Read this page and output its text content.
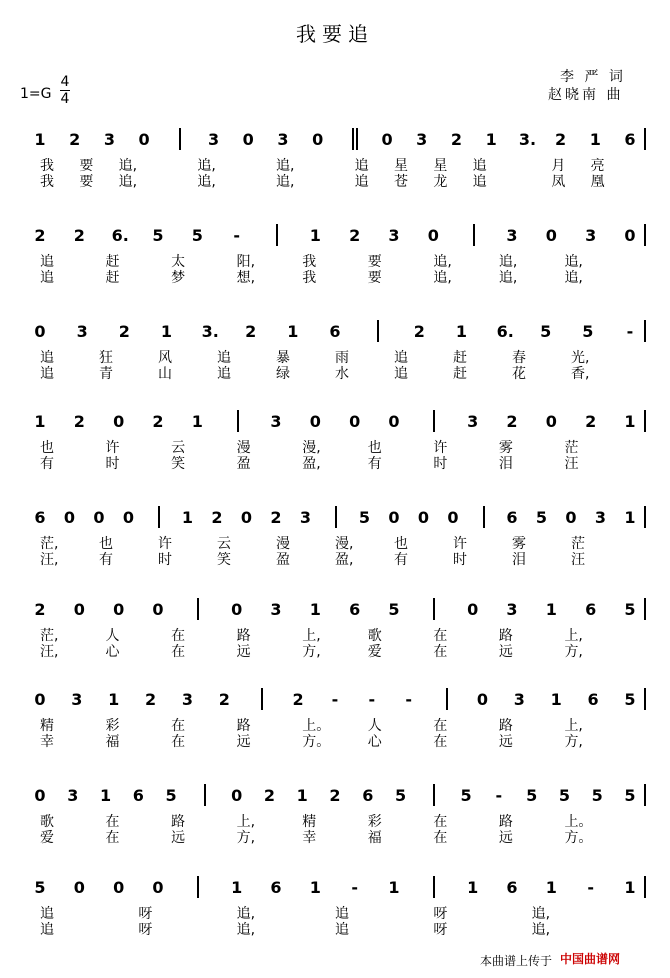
我要追
李 严 词
赵晓南 曲
1=G
4
4
1 2 3 0	3 0 3 0	0 3 2 1 3. 2 1 6
我 要 追,	追,	追,	追 星 星 追	月 亮
我 要 追,	追,	追,	追 苍 龙 追	凤 凰
2 2 6. 5 5 -	1 2 3 0	3 0 3 0
追	赶	太	阳,	我	要	追,	追,	追,
追	赶	梦	想,	我	要	追,	追,	追,
0 3 2 1 3. 2 1 6	2 1 6. 5 5 -
追	狂	风	追	暴	雨	追	赶	春	光,
追	青	山	追	绿	水	追	赶	花	香,
1 2 0 2 1	3 0 0 0	3 2 0 2 1
也	许	云	漫	漫,	也	许	雾	茫
有	时	笑	盈	盈,	有	时	泪	汪
6 0 0 0	1 2 0 2 3	5 0 0 0	6 5 0 3 1
茫,	也	许	云	漫	漫,	也	许	雾	茫
汪,	有	时	笑	盈	盈,	有	时	泪	汪
2 0 0 0	0 3 1 6 5	0 3 1 6 5
茫,	人	在	路	上,	歌	在	路	上,
汪,	心	在	远	方,	爱	在	远	方,
0 3 1 2 3 2	2 - - -	0 3 1 6 5
精	彩	在	路	上。	人	在	路	上,
幸	福	在	远	方。	心	在	远	方,
0 3 1 6 5	0 2 1 2 6 5	5 - 5 5 5 5
歌	在	路	上,	精	彩	在	路	上。
爱	在	远	方,	幸	福	在	远	方。
5 0 0 0	1 6 1 - 1	1 6 1 - 1
追	呀	追,	追	呀	追,
追	呀	追,	追	呀	追,
本曲谱上传于 中国曲谱网
